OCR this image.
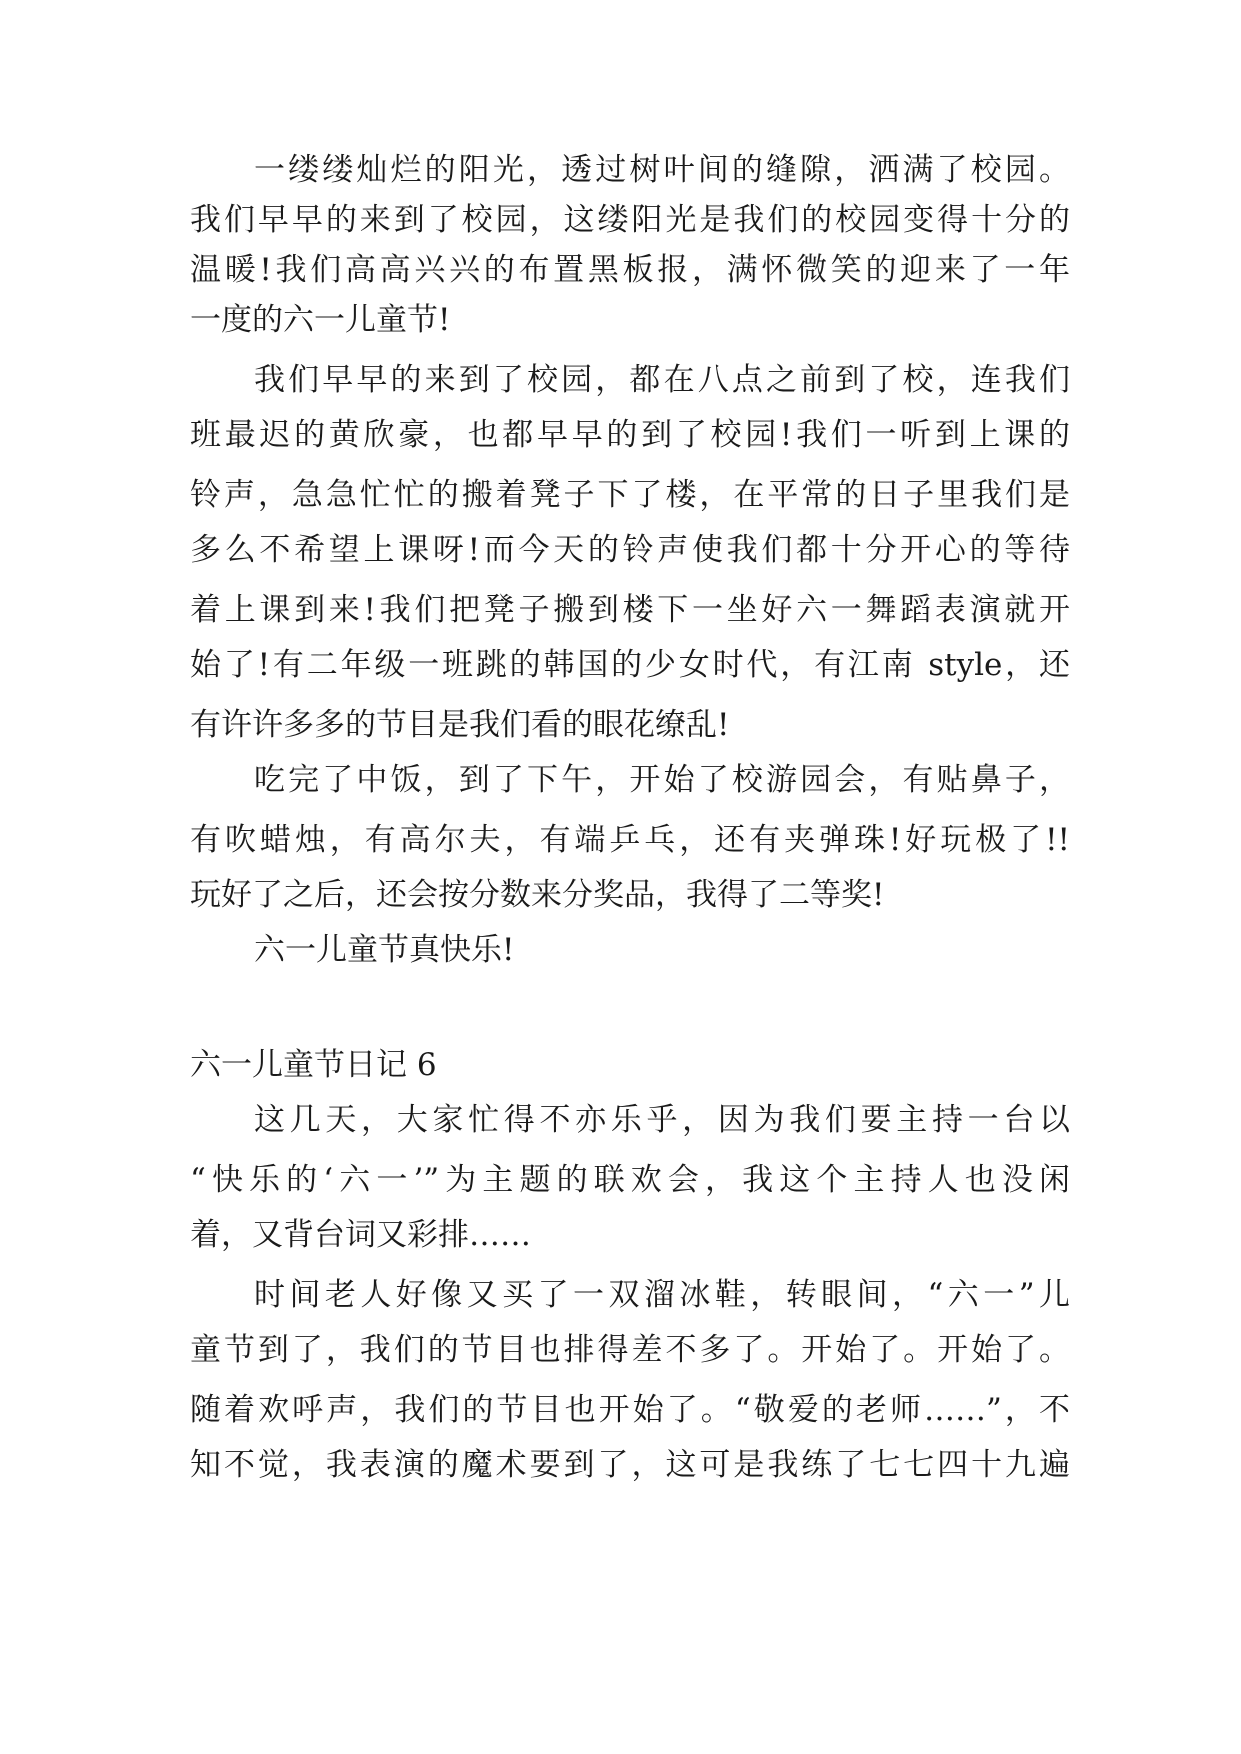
一缕缕灿烂的阳光，透过树叶间的缝隙，洒满了校园。

我们早早的来到了校园，这缕阳光是我们的校园变得十分的

温暖!我们高高兴兴的布置黑板报，满怀微笑的迎来了一年

一度的六一儿童节!

我们早早的来到了校园，都在八点之前到了校，连我们

班最迟的黄欣豪，也都早早的到了校园!我们一听到上课的

铃声，急急忙忙的搬着凳子下了楼，在平常的日子里我们是

多么不希望上课呀!而今天的铃声使我们都十分开心的等待

着上课到来!我们把凳子搬到楼下一坐好六一舞蹈表演就开

始了!有二年级一班跳的韩国的少女时代，有江南 style，还

有许许多多的节目是我们看的眼花缭乱!

吃完了中饭，到了下午，开始了校游园会，有贴鼻子，

有吹蜡烛，有高尔夫，有端乒乓，还有夹弹珠!好玩极了!!

玩好了之后，还会按分数来分奖品，我得了二等奖!

六一儿童节真快乐!

六一儿童节日记 6

这几天，大家忙得不亦乐乎，因为我们要主持一台以

“快乐的‘六一’”为主题的联欢会，我这个主持人也没闲

着，又背台词又彩排……

时间老人好像又买了一双溜冰鞋，转眼间，“六一”儿

童节到了，我们的节目也排得差不多了。开始了。开始了。

随着欢呼声，我们的节目也开始了。“敬爱的老师……”，不

知不觉，我表演的魔术要到了，这可是我练了七七四十九遍
